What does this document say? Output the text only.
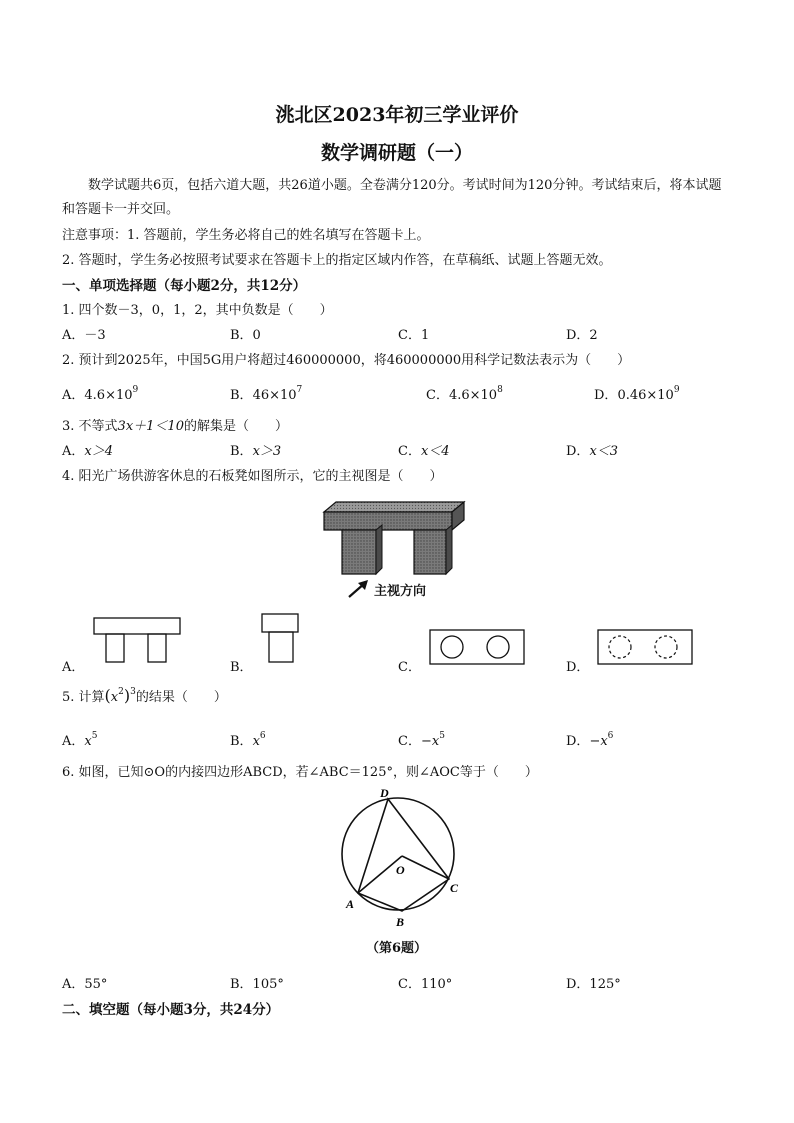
洮北区2023年初三学业评价
数学调研题（一）
数学试题共6页，包括六道大题，共26道小题。全卷满分120分。考试时间为120分钟。考试结束后，将本试题和答题卡一并交回。
注意事项：1. 答题前，学生务必将自己的姓名填写在答题卡上。
2. 答题时，学生务必按照考试要求在答题卡上的指定区域内作答，在草稿纸、试题上答题无效。
一、单项选择题（每小题2分，共12分）
1. 四个数－3，0，1，2，其中负数是（　　）
A．－3	B．0	C．1	D．2
2. 预计到2025年，中国5G用户将超过460000000，将460000000用科学记数法表示为（　　）
A．$4.6\times 10^9$	B．$46\times 10^7$	C．$4.6\times 10^8$	D．$0.46\times 10^9$
3. 不等式3x＋1＜10的解集是（　　）
A．x＞4	B．x＞3	C．x＜4	D．x＜3
4. 阳光广场供游客休息的石板凳如图所示，它的主视图是（　　）
主视方向
A．	B．	C．	D．
5. 计算$(x^2)^3$的结果（　　）
A．$x^5$	B．$x^6$	C．$-x^5$	D．$-x^6$
6. 如图，已知⊙O的内接四边形ABCD，若∠ABC＝125°，则∠AOC等于（　　）
D
O
C
A
B
（第6题）
A．55°	B．105°	C．110°	D．125°
二、填空题（每小题3分，共24分）
